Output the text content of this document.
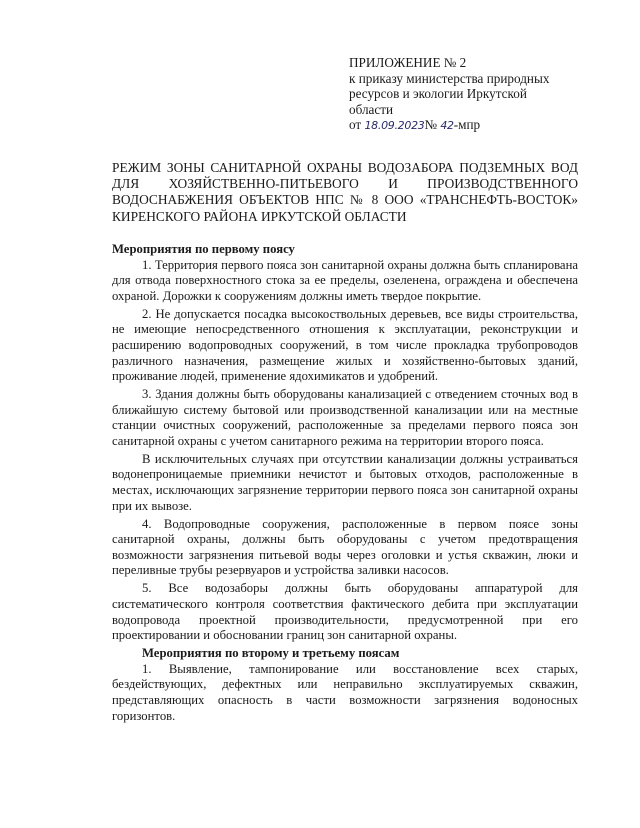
ПРИЛОЖЕНИЕ № 2
к приказу министерства природных
ресурсов и экологии Иркутской
области
от 18.09.2023№ 42-мпр
РЕЖИМ ЗОНЫ САНИТАРНОЙ ОХРАНЫ ВОДОЗАБОРА ПОДЗЕМНЫХ ВОД ДЛЯ ХОЗЯЙСТВЕННО-ПИТЬЕВОГО И ПРОИЗВОДСТВЕННОГО ВОДОСНАБЖЕНИЯ ОБЪЕКТОВ НПС № 8 ООО «ТРАНСНЕФТЬ-ВОСТОК» КИРЕНСКОГО РАЙОНА ИРКУТСКОЙ ОБЛАСТИ

Мероприятия по первому поясу

1. Территория первого пояса зон санитарной охраны должна быть спланирована для отвода поверхностного стока за ее пределы, озеленена, ограждена и обеспечена охраной. Дорожки к сооружениям должны иметь твердое покрытие.

2. Не допускается посадка высокоствольных деревьев, все виды строительства, не имеющие непосредственного отношения к эксплуатации, реконструкции и расширению водопроводных сооружений, в том числе прокладка трубопроводов различного назначения, размещение жилых и хозяйственно-бытовых зданий, проживание людей, применение ядохимикатов и удобрений.

3. Здания должны быть оборудованы канализацией с отведением сточных вод в ближайшую систему бытовой или производственной канализации или на местные станции очистных сооружений, расположенные за пределами первого пояса зон санитарной охраны с учетом санитарного режима на территории второго пояса.

В исключительных случаях при отсутствии канализации должны устраиваться водонепроницаемые приемники нечистот и бытовых отходов, расположенные в местах, исключающих загрязнение территории первого пояса зон санитарной охраны при их вывозе.

4. Водопроводные сооружения, расположенные в первом поясе зоны санитарной охраны, должны быть оборудованы с учетом предотвращения возможности загрязнения питьевой воды через оголовки и устья скважин, люки и переливные трубы резервуаров и устройства заливки насосов.

5. Все водозаборы должны быть оборудованы аппаратурой для систематического контроля соответствия фактического дебита при эксплуатации водопровода проектной производительности, предусмотренной при его проектировании и обосновании границ зон санитарной охраны.

Мероприятия по второму и третьему поясам

1. Выявление, тампонирование или восстановление всех старых, бездействующих, дефектных или неправильно эксплуатируемых скважин, представляющих опасность в части возможности загрязнения водоносных горизонтов.
